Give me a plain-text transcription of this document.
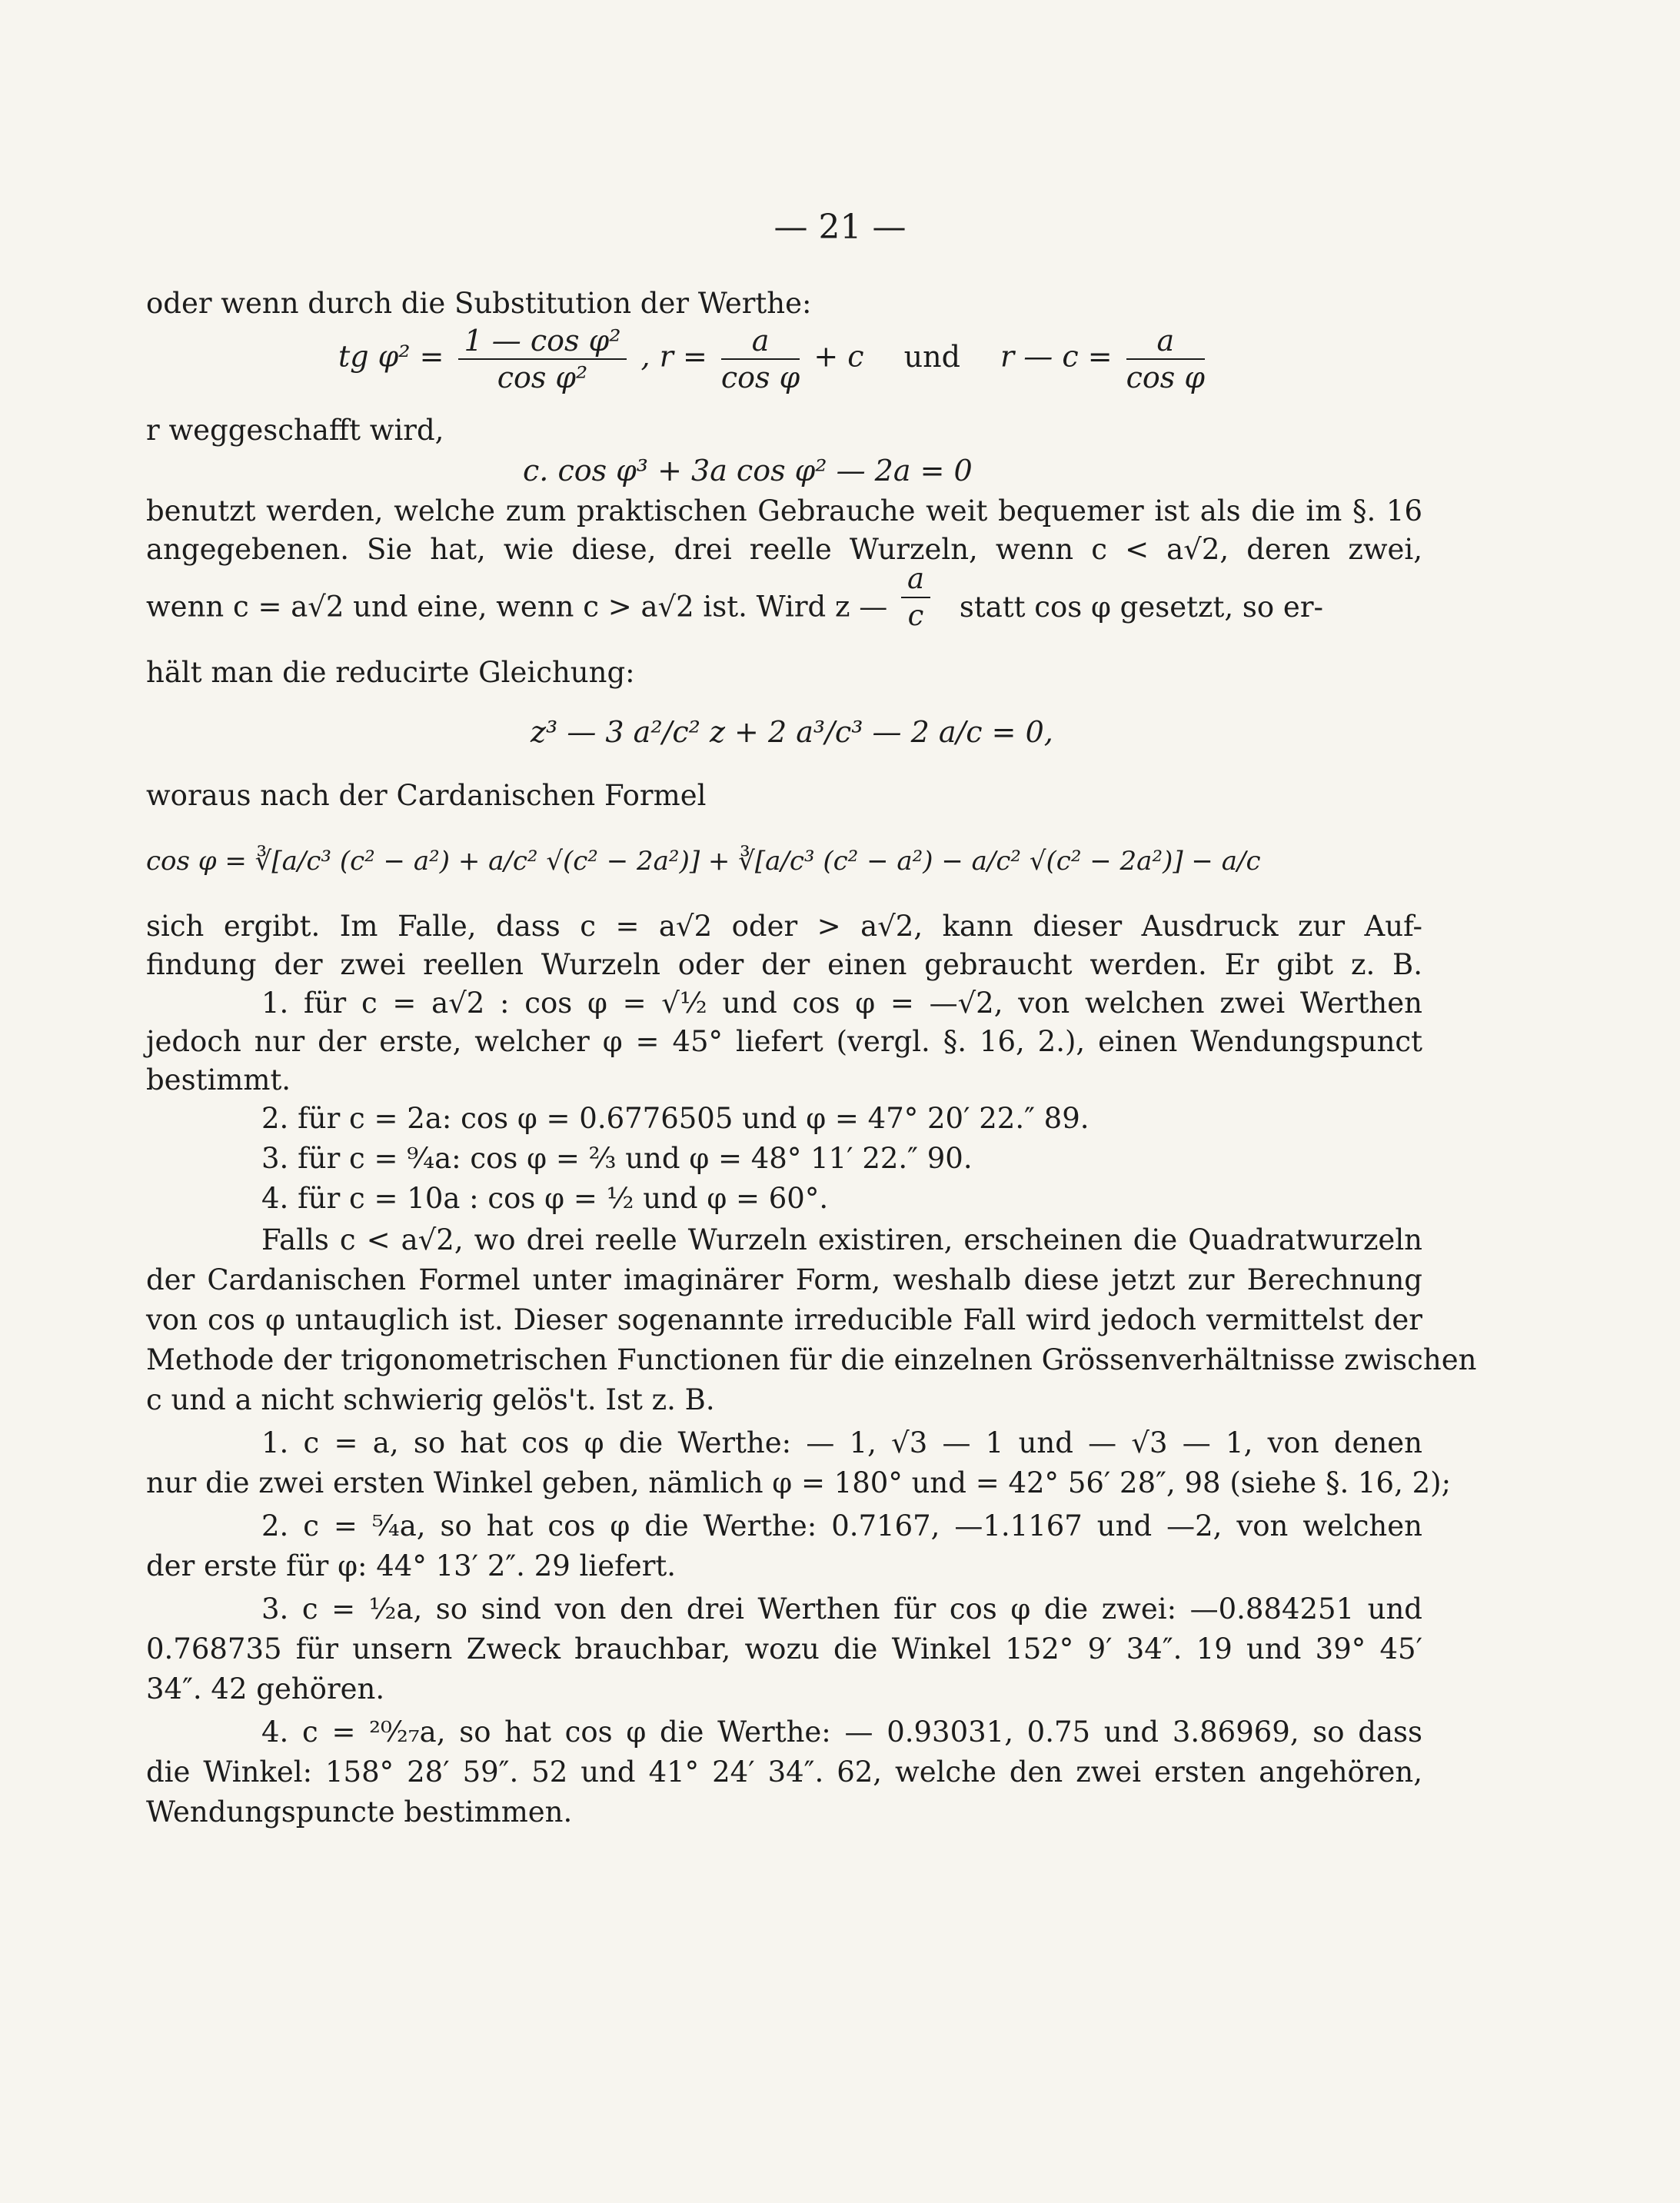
— 21 —
oder wenn durch die Substitution der Werthe:
tg $\varphi^2 = \frac{\text{1 — cos φ²}}{\text{cos φ²}}$ , $r = \frac{a}{\text{cos φ}} + c$ und r — $c = \frac{a}{\text{cos φ}}$
r weggeschafft wird,
c. cos φ³ + 3a cos φ² — 2a = 0
benutzt werden, welche zum praktischen Gebrauche weit bequemer ist als die im §. 16
angegebenen. Sie hat, wie diese, drei reelle Wurzeln, wenn c < a√2, deren zwei,
wenn c = a√2 und eine, wenn c > a√2 ist. Wird z — $\frac{a}{c}$ statt cos φ gesetzt, so er-
hält man die reducirte Gleichung:
z³ — 3 a²/c² z + 2 a³/c³ — 2 a/c = 0,
woraus nach der Cardanischen Formel
cos φ = ∛[a/c³ (c² − a²) + a/c² √(c² − 2a²)] + ∛[a/c³ (c² − a²) − a/c² √(c² − 2a²)] − a/c
sich ergibt. Im Falle, dass c = a√2 oder > a√2, kann dieser Ausdruck zur Auf-
findung der zwei reellen Wurzeln oder der einen gebraucht werden. Er gibt z. B.
1. für c = a√2 : cos φ = √½ und cos φ = —√2, von welchen zwei Werthen
jedoch nur der erste, welcher φ = 45° liefert (vergl. §. 16, 2.), einen Wendungspunct
bestimmt.
2. für c = 2a: cos φ = 0.6776505 und φ = 47° 20′ 22.″ 89.
3. für c = ⁹⁄₄a: cos φ = ⅔ und φ = 48° 11′ 22.″ 90.
4. für c = 10a : cos φ = ½ und φ = 60°.
Falls c < a√2, wo drei reelle Wurzeln existiren, erscheinen die Quadratwurzeln
der Cardanischen Formel unter imaginärer Form, weshalb diese jetzt zur Berechnung
von cos φ untauglich ist. Dieser sogenannte irreducible Fall wird jedoch vermittelst der
Methode der trigonometrischen Functionen für die einzelnen Grössenverhältnisse zwischen
c und a nicht schwierig gelös't. Ist z. B.
1. c = a, so hat cos φ die Werthe: — 1, √3 — 1 und — √3 — 1, von denen
nur die zwei ersten Winkel geben, nämlich φ = 180° und = 42° 56′ 28″, 98 (siehe §. 16, 2);
2. c = ⁵⁄₄a, so hat cos φ die Werthe: 0.7167, —1.1167 und —2, von welchen
der erste für φ: 44° 13′ 2″. 29 liefert.
3. c = ½a, so sind von den drei Werthen für cos φ die zwei: —0.884251 und
0.768735 für unsern Zweck brauchbar, wozu die Winkel 152° 9′ 34″. 19 und 39° 45′
34″. 42 gehören.
4. c = ²⁰⁄₂₇a, so hat cos φ die Werthe: — 0.93031, 0.75 und 3.86969, so dass
die Winkel: 158° 28′ 59″. 52 und 41° 24′ 34″. 62, welche den zwei ersten angehören,
Wendungspuncte bestimmen.
